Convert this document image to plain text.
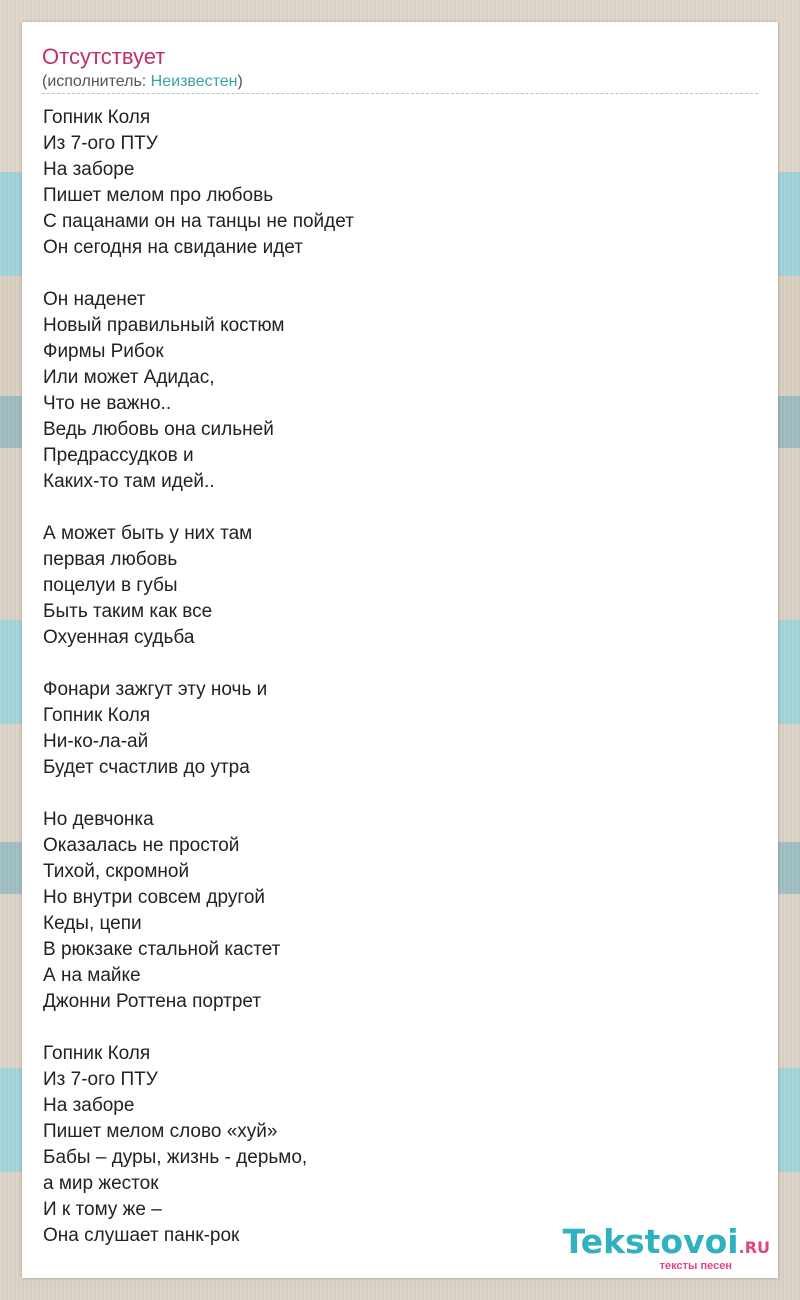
Отсутствует
(исполнитель: Неизвестен)
Гопник Коля
Из 7-ого ПТУ
На заборе
Пишет мелом про любовь
С пацанами он на танцы не пойдет
Он сегодня на свидание идет
Он наденет
Новый правильный костюм
Фирмы Рибок
Или может Адидас,
Что не важно..
Ведь любовь она сильней
Предрассудков и
Каких-то там идей..
А может быть у них там
первая любовь
поцелуи в губы
Быть таким как все
Охуенная судьба
Фонари зажгут эту ночь и
Гопник Коля
Ни-ко-ла-ай
Будет счастлив до утра
Но девчонка
Оказалась не простой
Тихой, скромной
Но внутри совсем другой
Кеды, цепи
В рюкзаке стальной кастет
А на майке
Джонни Роттена портрет
Гопник Коля
Из 7-ого ПТУ
На заборе
Пишет мелом слово «хуй»
Бабы – дуры, жизнь - дерьмо,
а мир жесток
И к тому же –
Она слушает панк-рок	Tekstovoi.RU
тексты песен
